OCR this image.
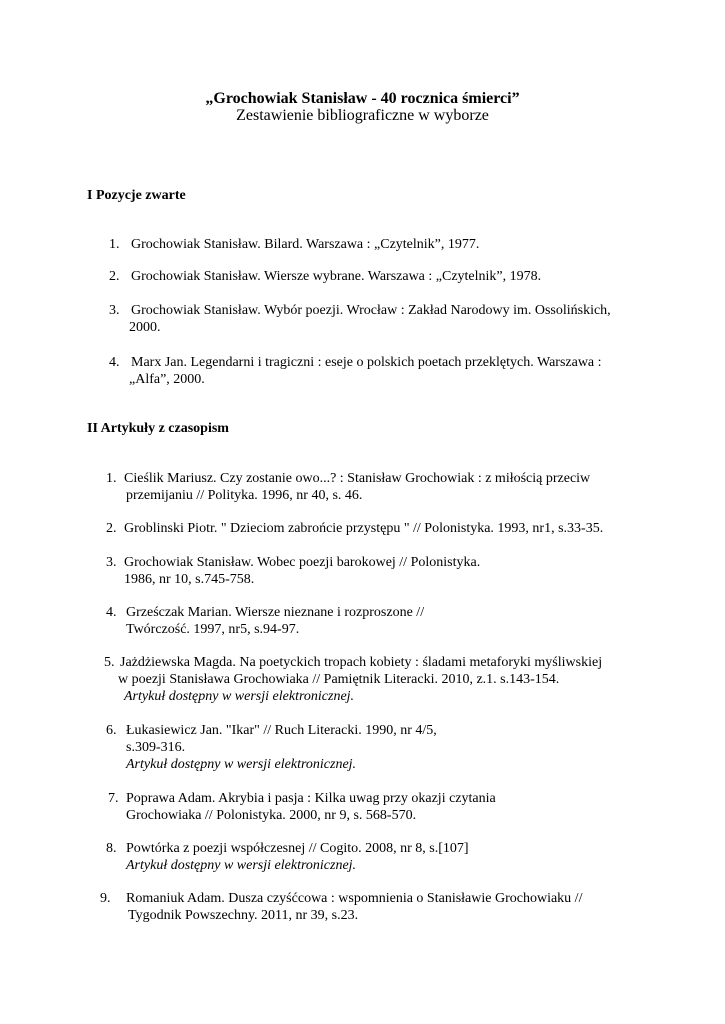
„Grochowiak Stanisław - 40 rocznica śmierci”
Zestawienie bibliograficzne w wyborze
I Pozycje zwarte
1. Grochowiak Stanisław. Bilard. Warszawa : „Czytelnik”, 1977.
2. Grochowiak Stanisław. Wiersze wybrane. Warszawa : „Czytelnik”, 1978.
3. Grochowiak Stanisław. Wybór poezji. Wrocław : Zakład Narodowy im. Ossolińskich,
2000.
4. Marx Jan. Legendarni i tragiczni : eseje o polskich poetach przeklętych. Warszawa :
„Alfa”, 2000.
II Artykuły z czasopism
1. Cieślik Mariusz. Czy zostanie owo...? : Stanisław Grochowiak : z miłością przeciw
przemijaniu // Polityka. 1996, nr 40, s. 46.
2. Groblinski Piotr. " Dzieciom zabrońcie przystępu " // Polonistyka. 1993, nr1, s.33-35.
3. Grochowiak Stanisław. Wobec poezji barokowej // Polonistyka.
1986, nr 10, s.745-758.
4. Grześczak Marian. Wiersze nieznane i rozproszone //
Twórczość. 1997, nr5, s.94-97.
5. Jażdżiewska Magda. Na poetyckich tropach kobiety : śladami metaforyki myśliwskiej
w poezji Stanisława Grochowiaka // Pamiętnik Literacki. 2010, z.1. s.143-154.
Artykuł dostępny w wersji elektronicznej.
6. Łukasiewicz Jan. "Ikar" // Ruch Literacki. 1990, nr 4/5,
s.309-316.
Artykuł dostępny w wersji elektronicznej.
7. Poprawa Adam. Akrybia i pasja : Kilka uwag przy okazji czytania
Grochowiaka // Polonistyka. 2000, nr 9, s. 568-570.
8. Powtórka z poezji współczesnej // Cogito. 2008, nr 8, s.[107]
Artykuł dostępny w wersji elektronicznej.
9. Romaniuk Adam. Dusza czyśćcowa : wspomnienia o Stanisławie Grochowiaku //
Tygodnik Powszechny. 2011, nr 39, s.23.
